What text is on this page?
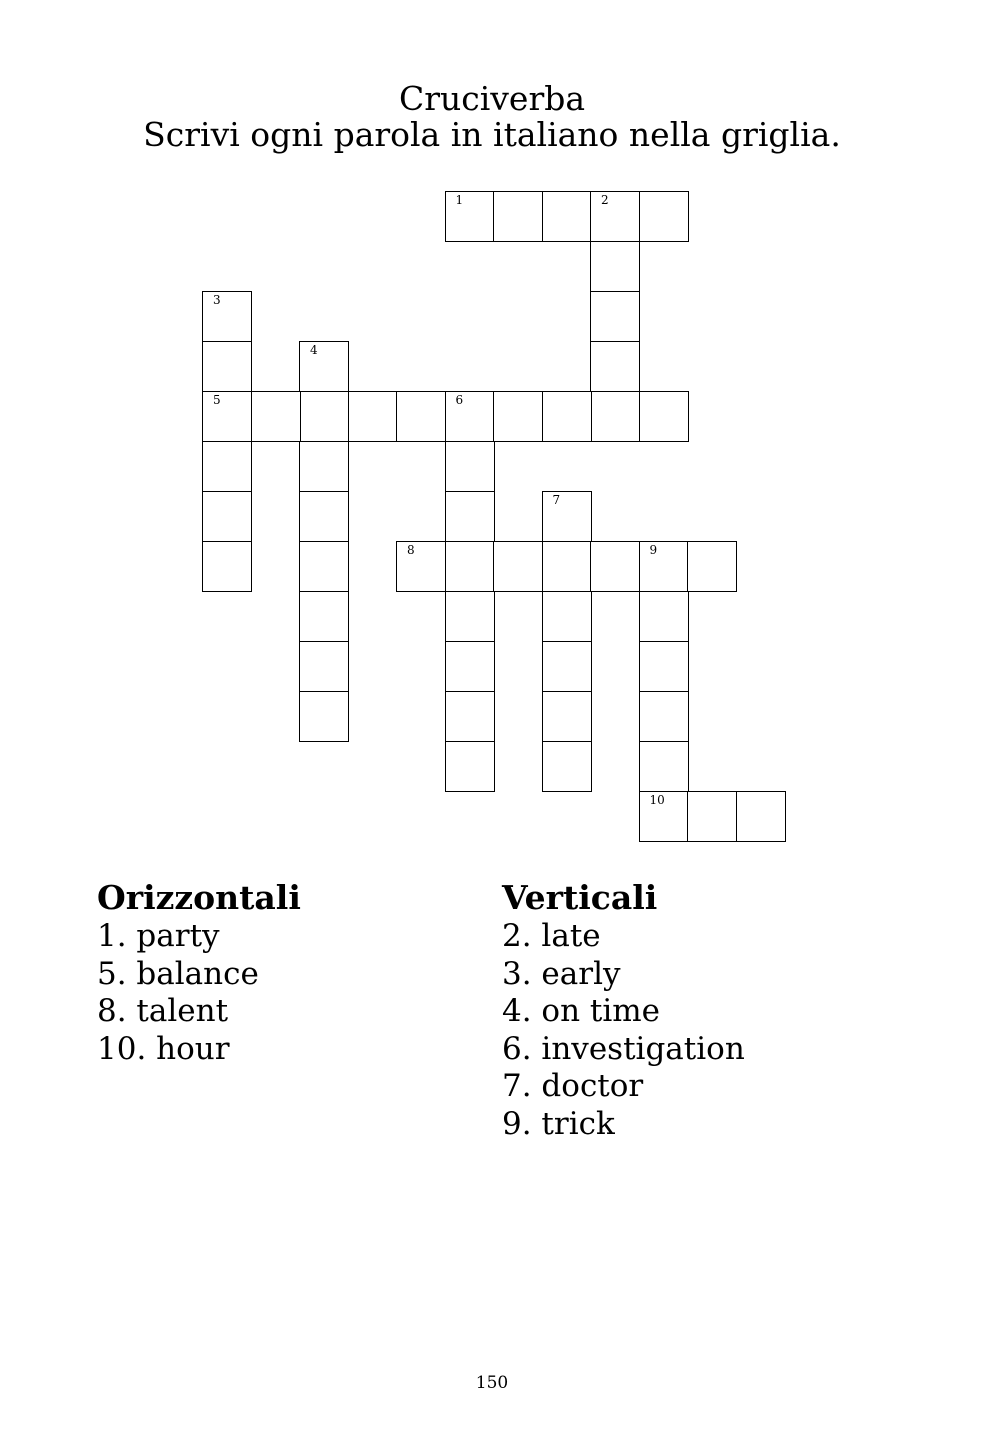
Cruciverba
Scrivi ogni parola in italiano nella griglia.
1	2
3
5
4
6
7
8	9
10
Orizzontali
1. party
5. balance
8. talent
10. hour
Verticali
2. late
3. early
4. on time
6. investigation
7. doctor
9. trick
150
